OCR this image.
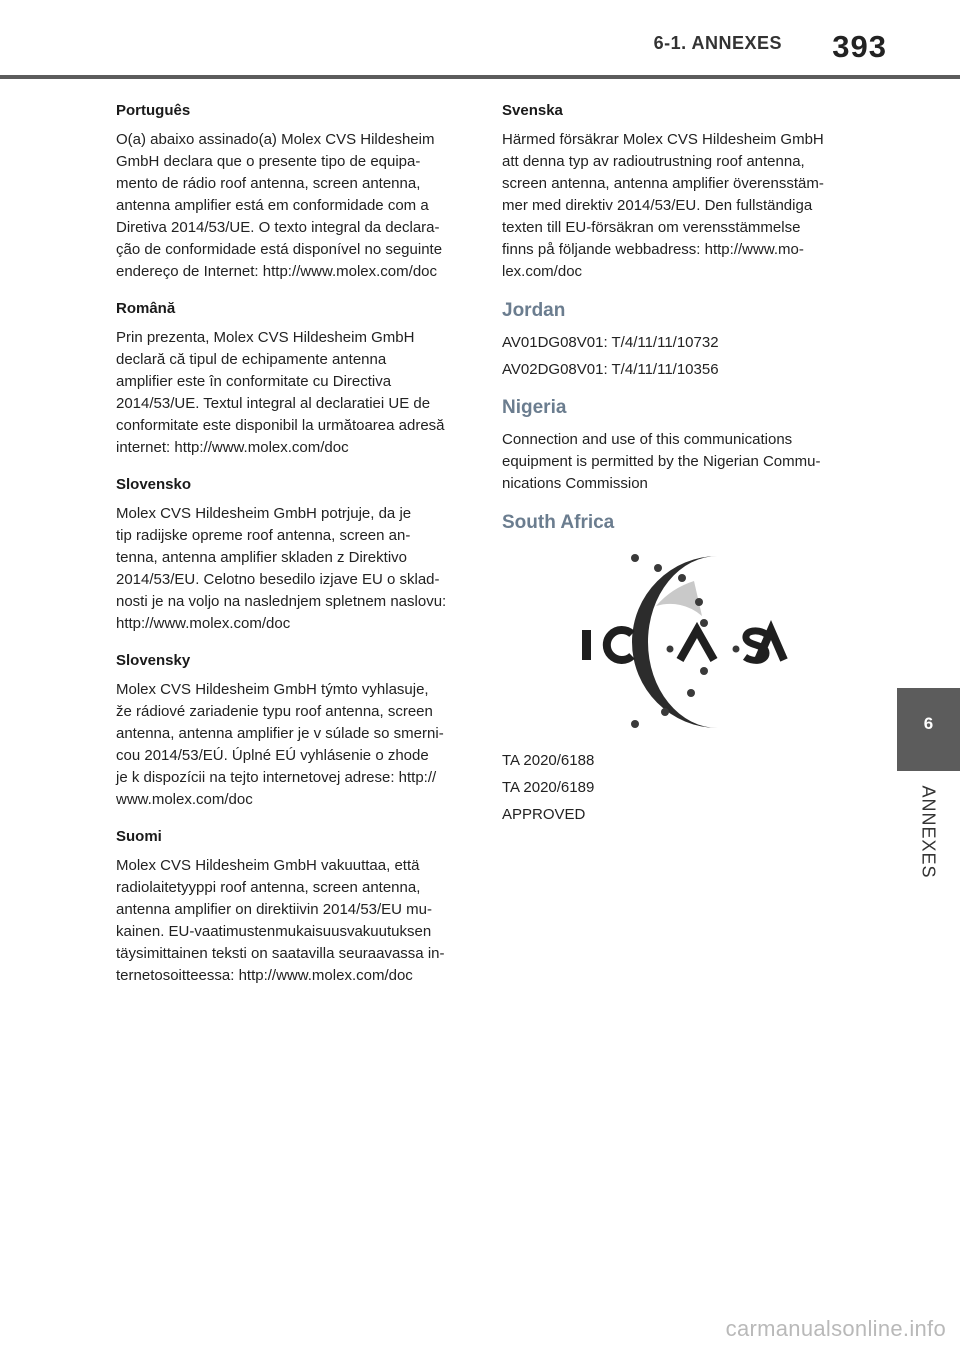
6-1. ANNEXES 393
6
ANNEXES
Português
O(a) abaixo assinado(a) Molex CVS Hildesheim
GmbH declara que o presente tipo de equipa-
mento de rádio roof antenna, screen antenna,
antenna amplifier está em conformidade com a
Diretiva 2014/53/UE. O texto integral da declara-
ção de conformidade está disponível no seguinte
endereço de Internet: http://www.molex.com/doc
Română
Prin prezenta, Molex CVS Hildesheim GmbH
declară că tipul de echipamente antenna
amplifier este în conformitate cu Directiva
2014/53/UE. Textul integral al declaratiei UE de
conformitate este disponibil la următoarea adresă
internet: http://www.molex.com/doc
Slovensko
Molex CVS Hildesheim GmbH potrjuje, da je
tip radijske opreme roof antenna, screen an-
tenna, antenna amplifier skladen z Direktivo
2014/53/EU. Celotno besedilo izjave EU o sklad-
nosti je na voljo na naslednjem spletnem naslovu:
http://www.molex.com/doc
Slovensky
Molex CVS Hildesheim GmbH týmto vyhlasuje,
že rádiové zariadenie typu roof antenna, screen
antenna, antenna amplifier je v súlade so smerni-
cou 2014/53/EÚ. Úplné EÚ vyhlásenie o zhode
je k dispozícii na tejto internetovej adrese: http://
www.molex.com/doc
Suomi
Molex CVS Hildesheim GmbH vakuuttaa, että
radiolaitetyyppi roof antenna, screen antenna,
antenna amplifier on direktiivin 2014/53/EU mu-
kainen. EU-vaatimustenmukaisuusvakuutuksen
täysimittainen teksti on saatavilla seuraavassa in-
ternetosoitteessa: http://www.molex.com/doc
Svenska
Härmed försäkrar Molex CVS Hildesheim GmbH
att denna typ av radioutrustning roof antenna,
screen antenna, antenna amplifier överensstäm-
mer med direktiv 2014/53/EU. Den fullständiga
texten till EU-försäkran om verensstämmelse
finns på följande webbadress: http://www.mo-
lex.com/doc
Jordan
AV01DG08V01: T/4/11/11/10732
AV02DG08V01: T/4/11/11/10356
Nigeria
Connection and use of this communications
equipment is permitted by the Nigerian Commu-
nications Commission
South Africa
TA 2020/6188
TA 2020/6189
APPROVED
carmanualsonline.info
